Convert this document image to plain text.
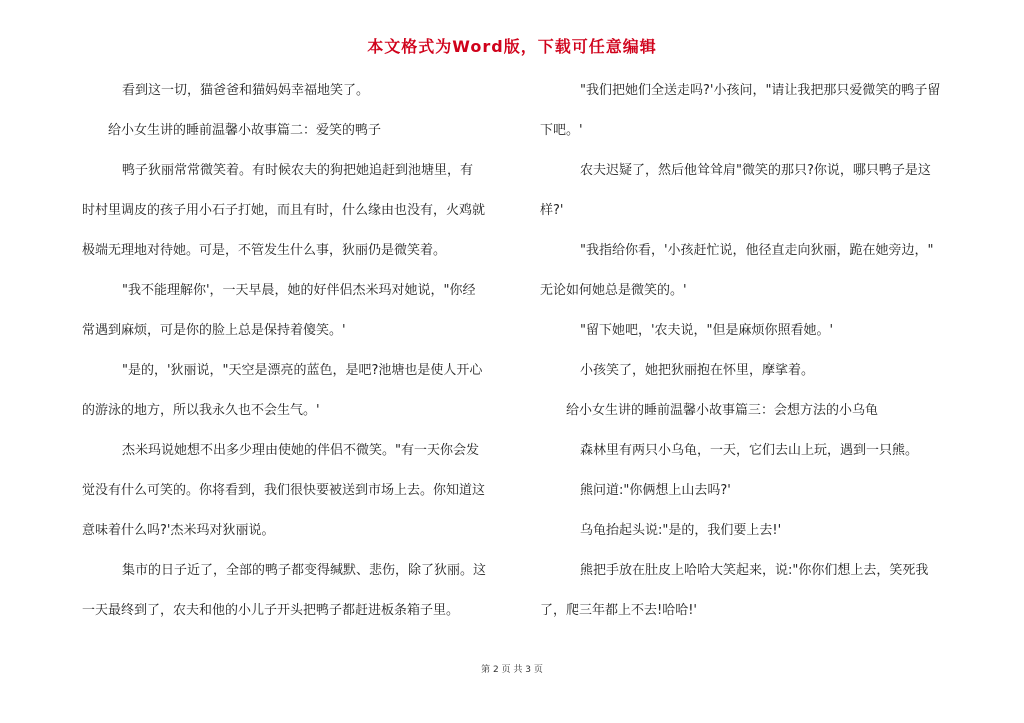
本文格式为Word版，下载可任意编辑
看到这一切，猫爸爸和猫妈妈幸福地笑了。
给小女生讲的睡前温馨小故事篇二：爱笑的鸭子
鸭子狄丽常常微笑着。有时候农夫的狗把她追赶到池塘里，有
时村里调皮的孩子用小石子打她，而且有时，什么缘由也没有，火鸡就
极端无理地对待她。可是，不管发生什么事，狄丽仍是微笑着。
"我不能理解你'，一天早晨，她的好伴侣杰米玛对她说，"你经
常遇到麻烦，可是你的脸上总是保持着傻笑。'
"是的，'狄丽说，"天空是漂亮的蓝色，是吧?池塘也是使人开心
的游泳的地方，所以我永久也不会生气。'
杰米玛说她想不出多少理由使她的伴侣不微笑。"有一天你会发
觉没有什么可笑的。你将看到，我们很快要被送到市场上去。你知道这
意味着什么吗?'杰米玛对狄丽说。
集市的日子近了，全部的鸭子都变得缄默、悲伤，除了狄丽。这
一天最终到了，农夫和他的小儿子开头把鸭子都赶进板条箱子里。
"我们把她们全送走吗?'小孩问，"请让我把那只爱微笑的鸭子留
下吧。'
农夫迟疑了，然后他耸耸肩"微笑的那只?你说，哪只鸭子是这
样?'
"我指给你看，'小孩赶忙说，他径直走向狄丽，跪在她旁边，"
无论如何她总是微笑的。'
"留下她吧，'农夫说，"但是麻烦你照看她。'
小孩笑了，她把狄丽抱在怀里，摩挲着。
给小女生讲的睡前温馨小故事篇三：会想方法的小乌龟
森林里有两只小乌龟，一天，它们去山上玩，遇到一只熊。
熊问道:"你俩想上山去吗?'
乌龟抬起头说:"是的，我们要上去!'
熊把手放在肚皮上哈哈大笑起来，说:"你你们想上去，笑死我
了，爬三年都上不去!哈哈!'
第 2 页 共 3 页
